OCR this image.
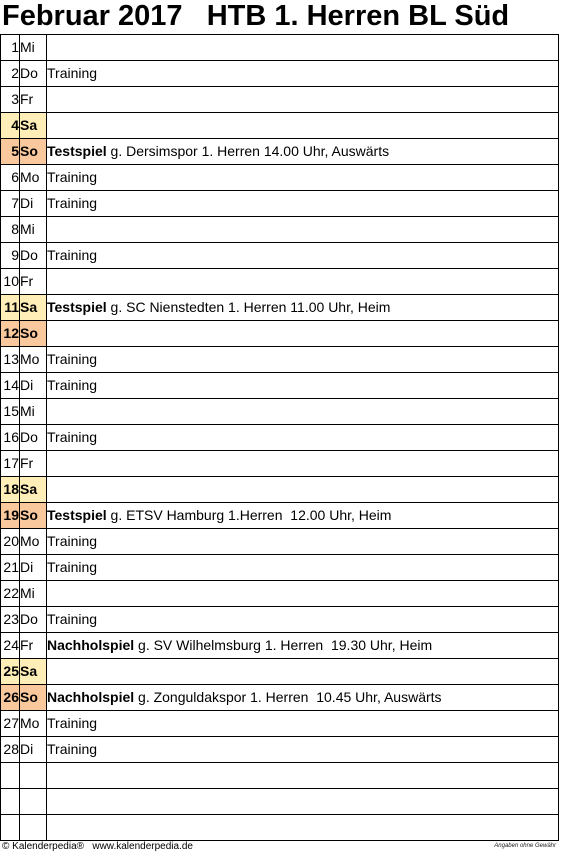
Februar 2017   HTB 1. Herren BL Süd
1	Mi	
2	Do	Training
3	Fr	
4	Sa	
5	So	Testspiel g. Dersimspor 1. Herren 14.00 Uhr, Auswärts
6	Mo	Training
7	Di	Training
8	Mi	
9	Do	Training
10	Fr	
11	Sa	Testspiel g. SC Nienstedten 1. Herren 11.00 Uhr, Heim
12	So	
13	Mo	Training
14	Di	Training
15	Mi	
16	Do	Training
17	Fr	
18	Sa	
19	So	Testspiel g. ETSV Hamburg 1.Herren  12.00 Uhr, Heim
20	Mo	Training
21	Di	Training
22	Mi	
23	Do	Training
24	Fr	Nachholspiel g. SV Wilhelmsburg 1. Herren  19.30 Uhr, Heim
25	Sa	
26	So	Nachholspiel g. Zonguldakspor 1. Herren  10.45 Uhr, Auswärts
27	Mo	Training
28	Di	Training

© Kalenderpedia®   www.kalenderpedia.de	Angaben ohne Gewähr
